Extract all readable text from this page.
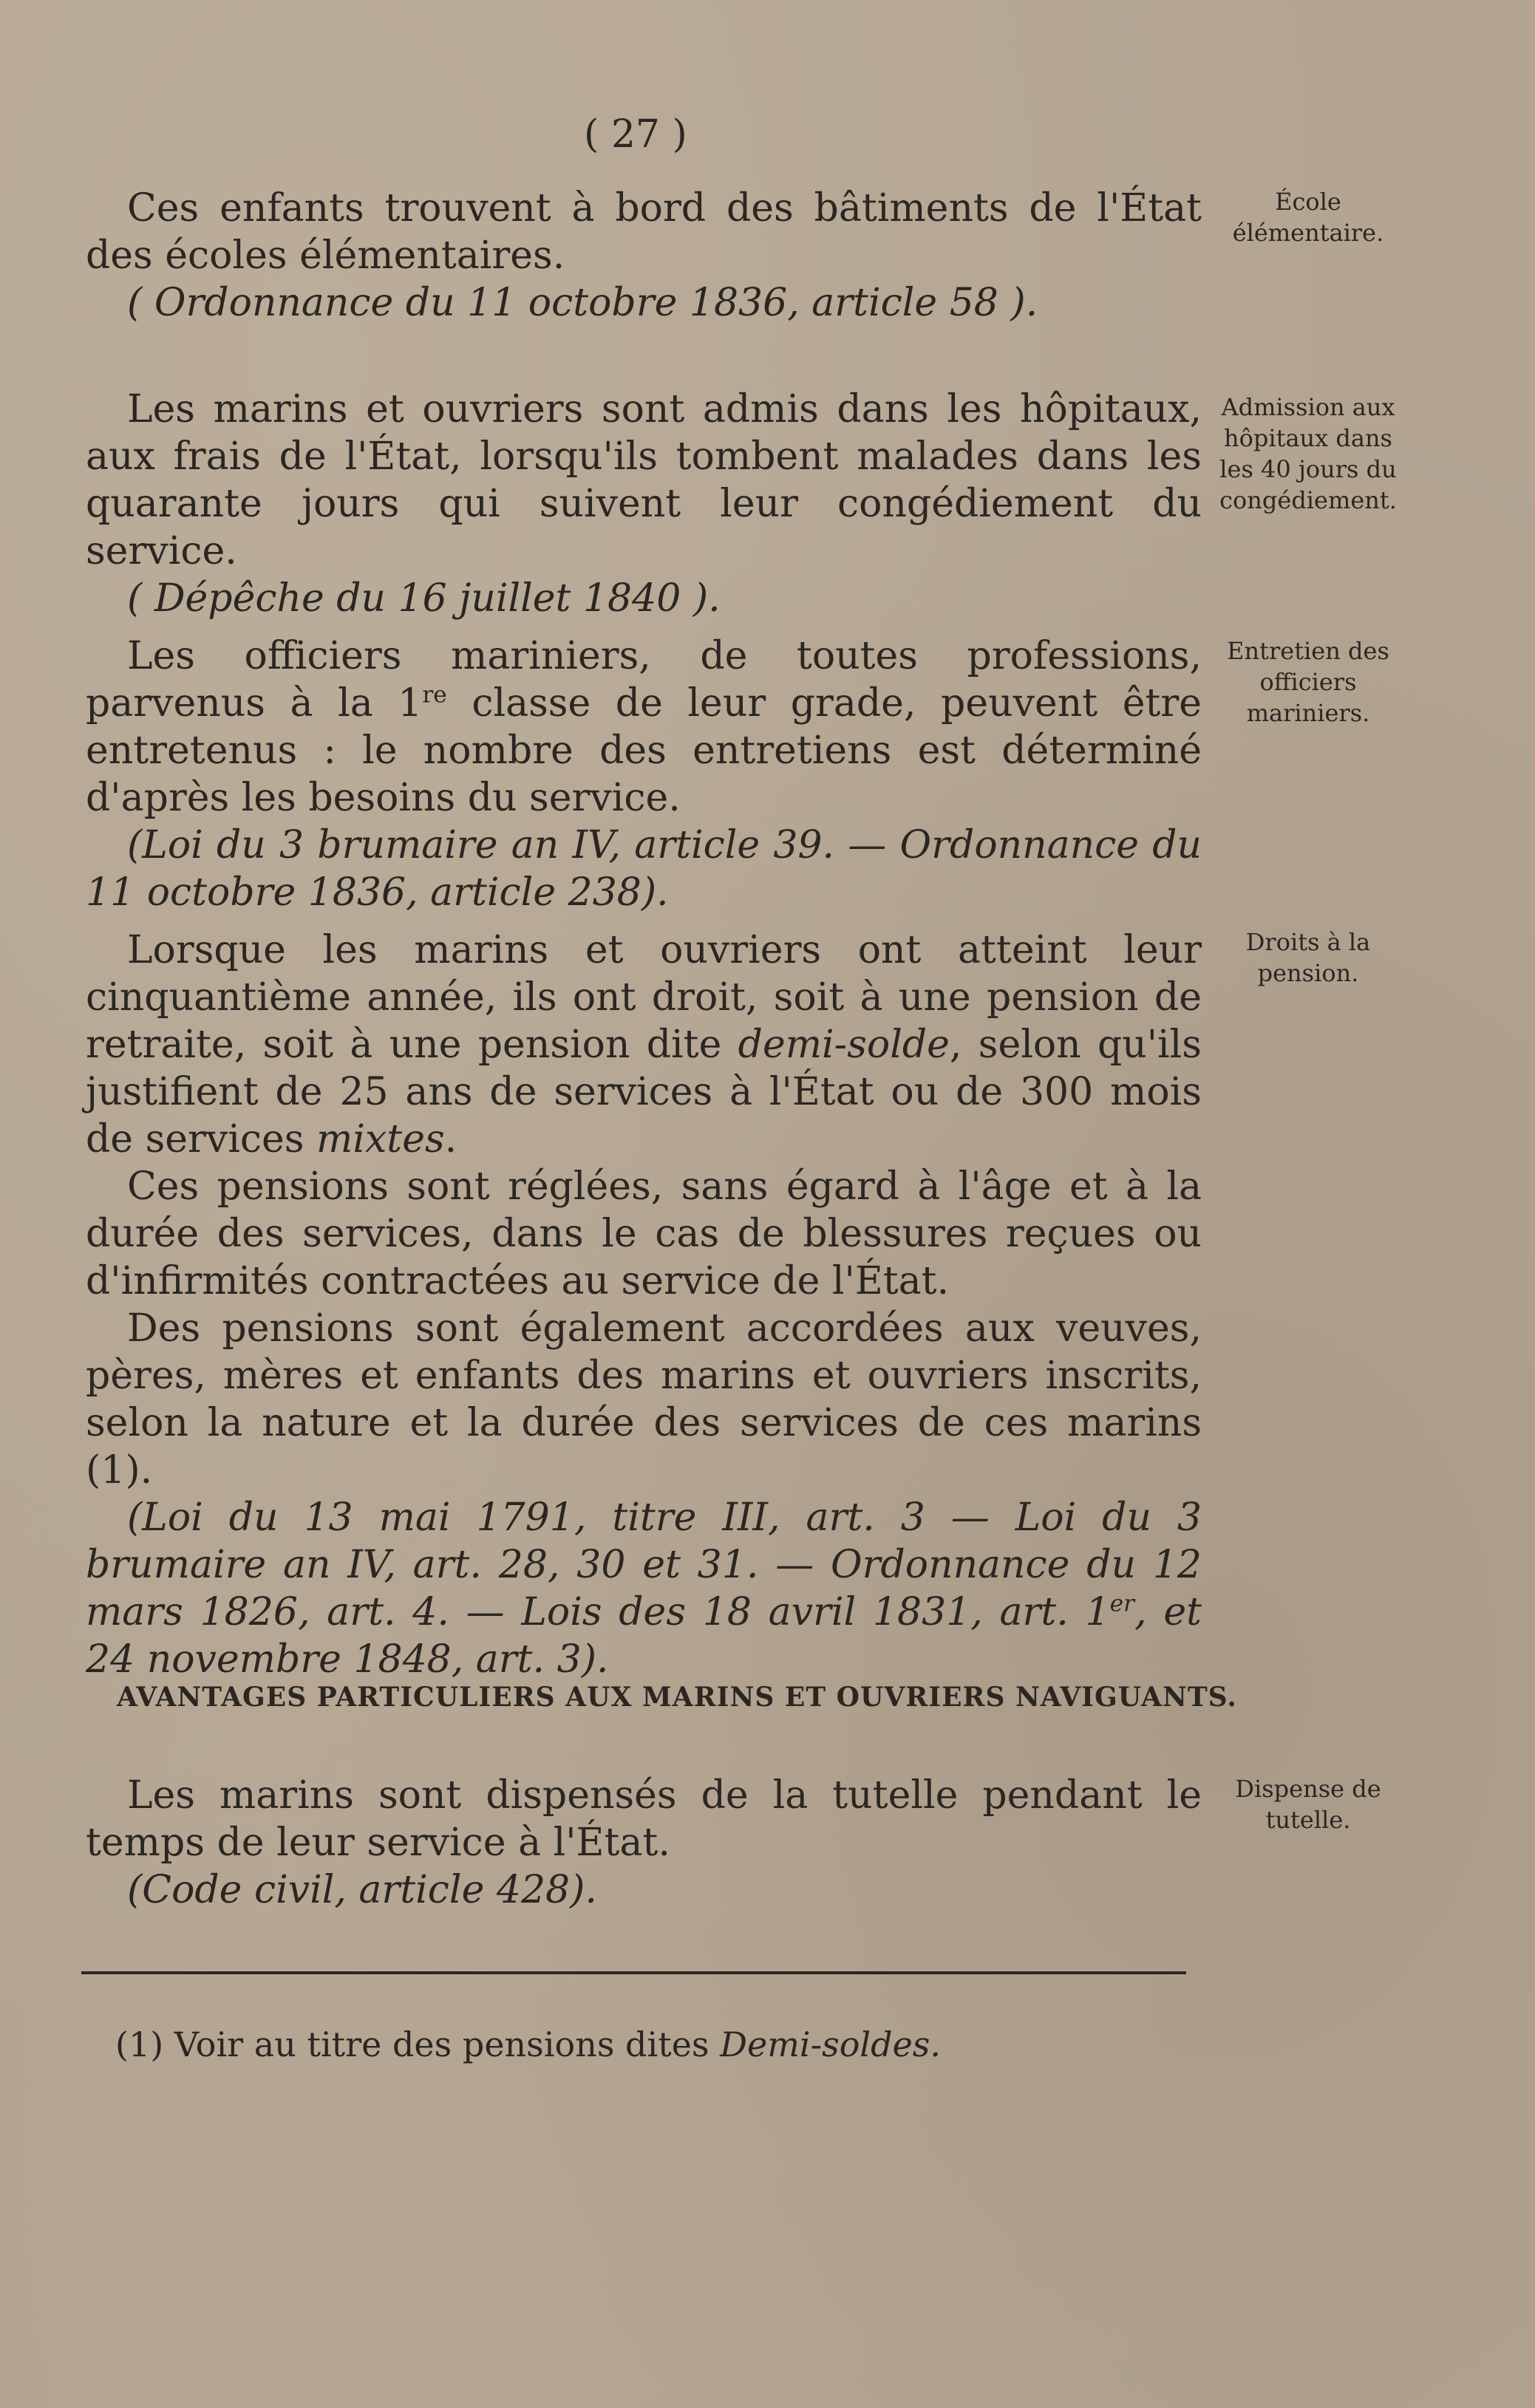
( 27 )

Ces enfants trouvent à bord des bâtiments de l'État des écoles élémentaires.

( Ordonnance du 11 octobre 1836, article 58 ).

École élémentaire.

Les marins et ouvriers sont admis dans les hôpitaux, aux frais de l'État, lorsqu'ils tombent malades dans les quarante jours qui suivent leur congédiement du service.

( Dépêche du 16 juillet 1840 ).

Admission aux hôpitaux dans les 40 jours du congédiement.

Les officiers mariniers, de toutes professions, parvenus à la 1re classe de leur grade, peuvent être entretenus : le nombre des entretiens est déterminé d'après les besoins du service.

(Loi du 3 brumaire an IV, article 39. — Ordonnance du 11 octobre 1836, article 238).

Entretien des officiers mariniers.

Lorsque les marins et ouvriers ont atteint leur cinquantième année, ils ont droit, soit à une pension de retraite, soit à une pension dite demi-solde, selon qu'ils justifient de 25 ans de services à l'État ou de 300 mois de services mixtes.

Ces pensions sont réglées, sans égard à l'âge et à la durée des services, dans le cas de blessures reçues ou d'infirmités contractées au service de l'État.

Des pensions sont également accordées aux veuves, pères, mères et enfants des marins et ouvriers inscrits, selon la nature et la durée des services de ces marins (1).

(Loi du 13 mai 1791, titre III, art. 3 — Loi du 3 brumaire an IV, art. 28, 30 et 31. — Ordonnance du 12 mars 1826, art. 4. — Lois des 18 avril 1831, art. 1er, et 24 novembre 1848, art. 3).

Droits à la pension.
AVANTAGES PARTICULIERS AUX MARINS ET OUVRIERS NAVIGUANTS.

Les marins sont dispensés de la tutelle pendant le temps de leur service à l'État.

(Code civil, article 428).

Dispense de tutelle.
(1) Voir au titre des pensions dites Demi-soldes.
